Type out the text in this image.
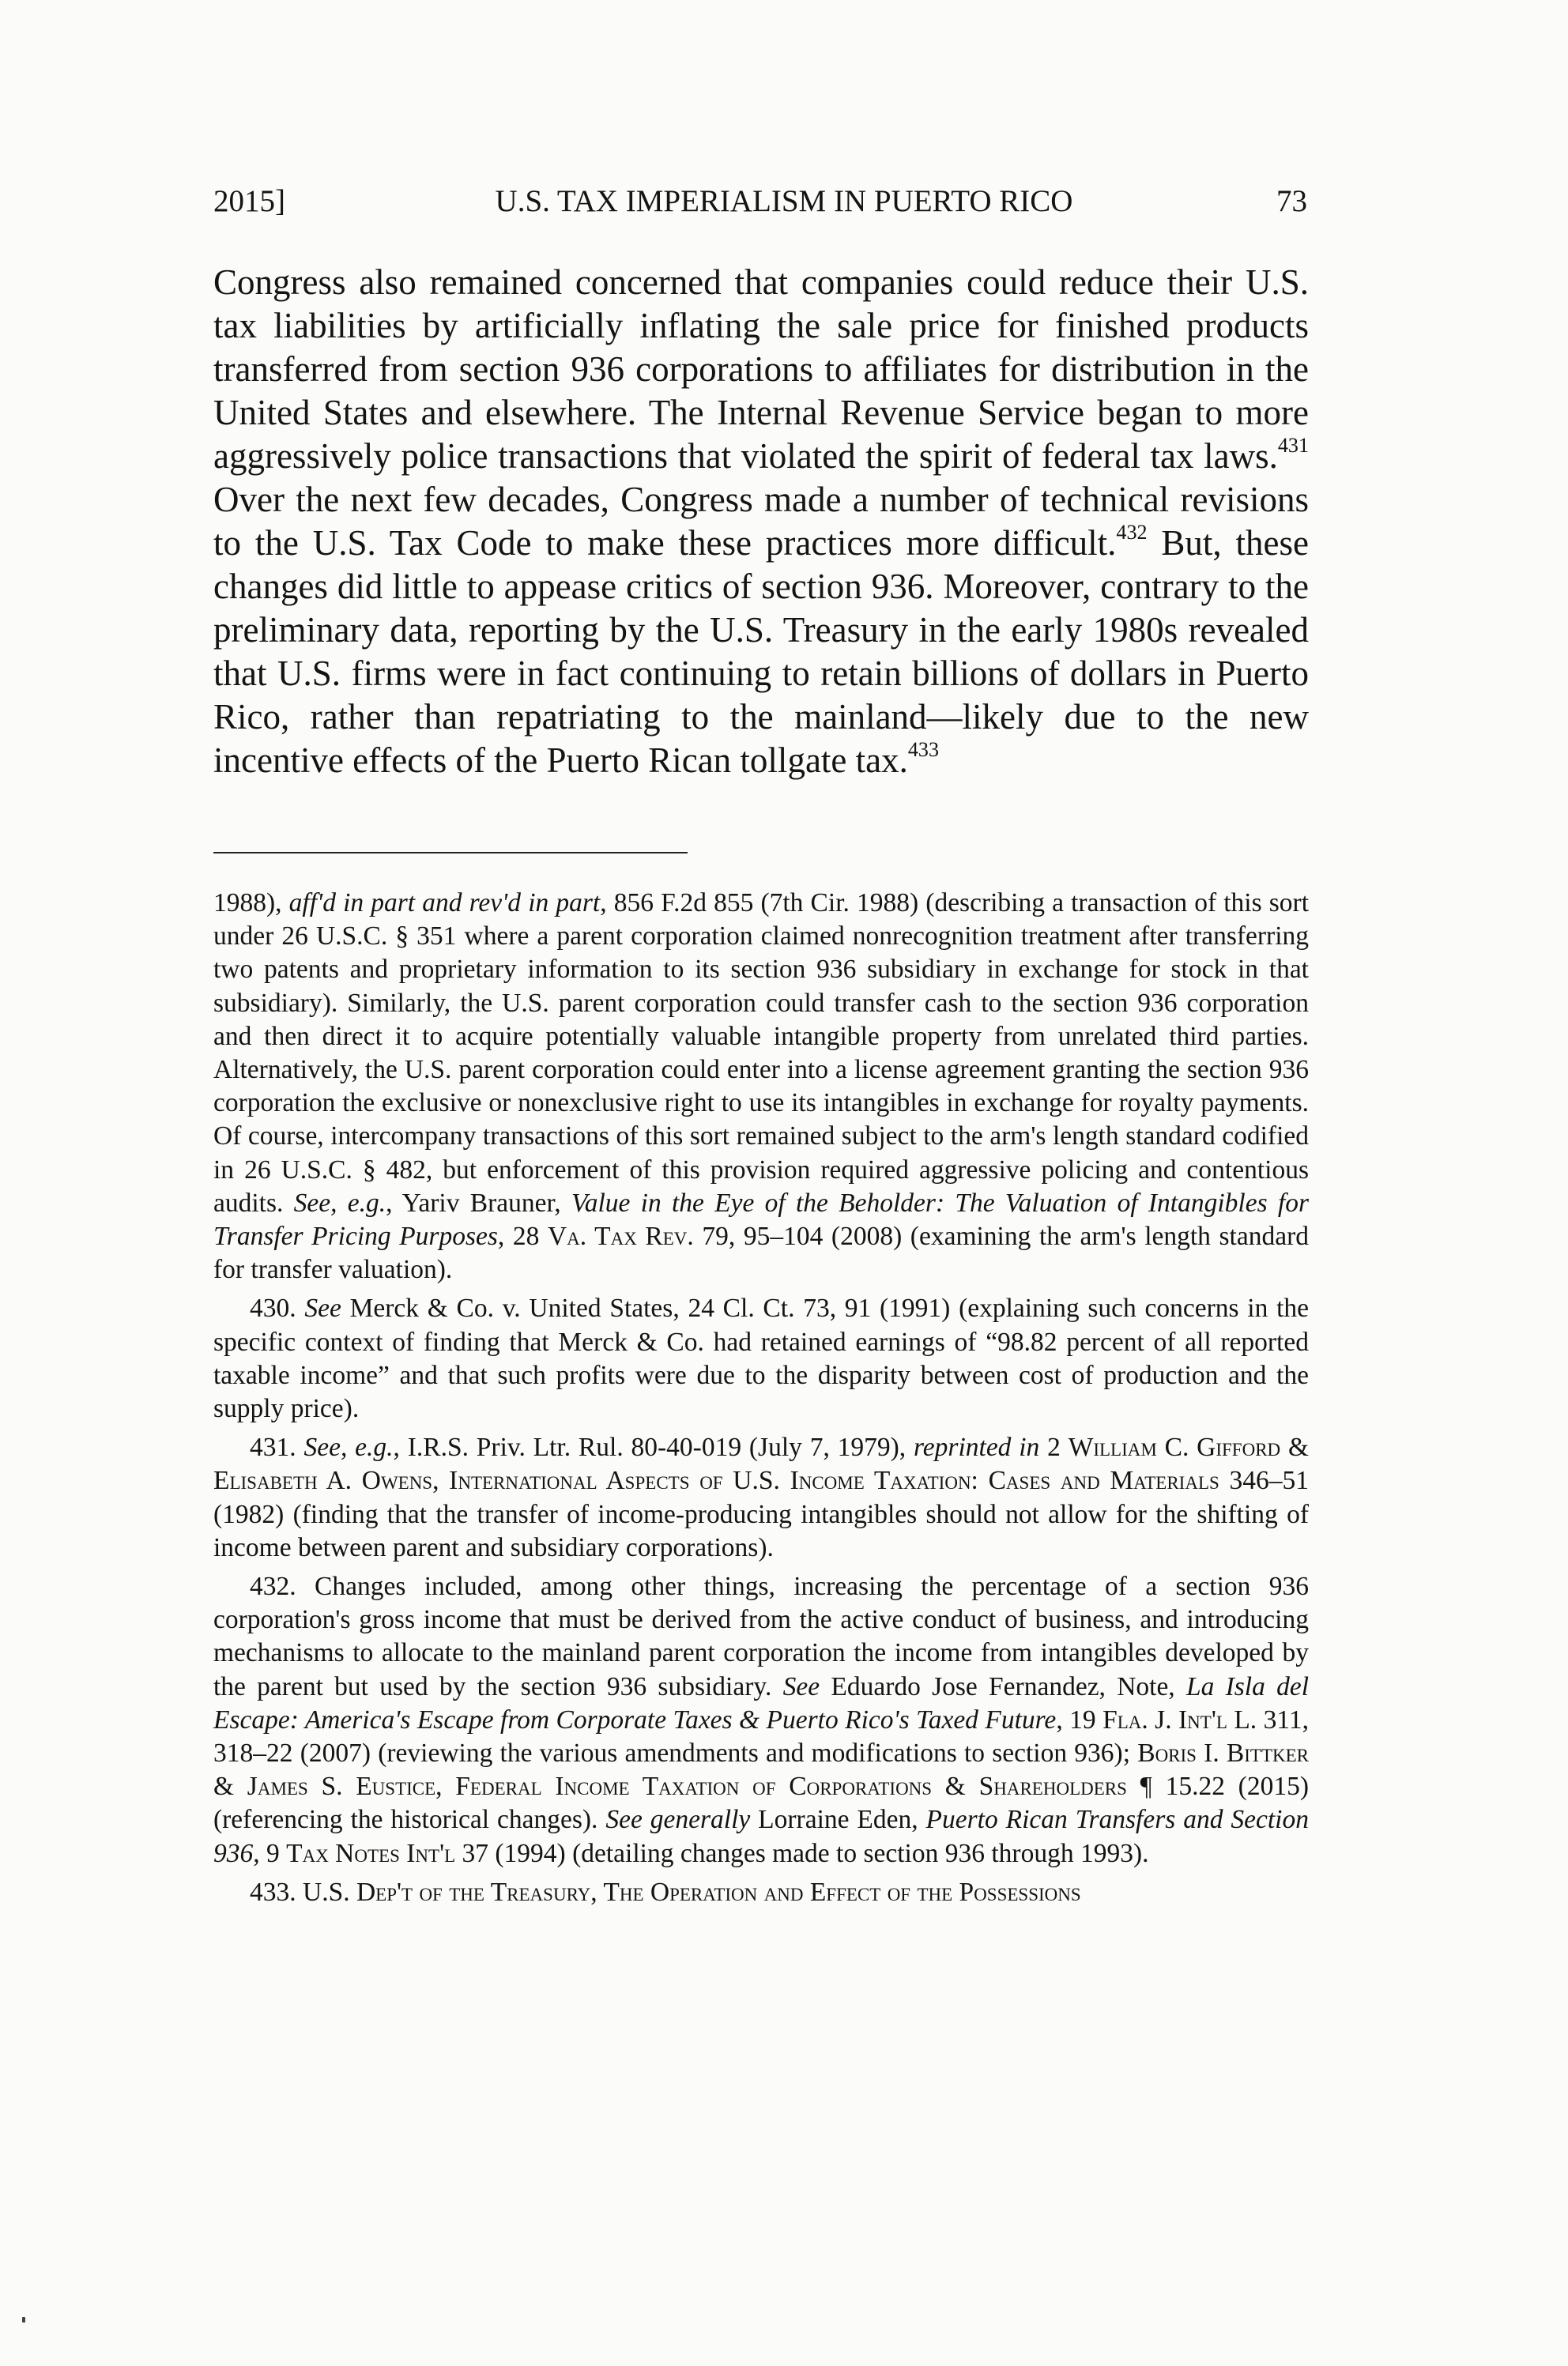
2015]	U.S. TAX IMPERIALISM IN PUERTO RICO	73

Congress also remained concerned that companies could reduce their U.S. tax liabilities by artificially inflating the sale price for finished products transferred from section 936 corporations to affiliates for distribution in the United States and elsewhere. The Internal Revenue Service began to more aggressively police transactions that violated the spirit of federal tax laws.$^{431}$ Over the next few decades, Congress made a number of technical revisions to the U.S. Tax Code to make these practices more difficult.$^{432}$ But, these changes did little to appease critics of section 936. Moreover, contrary to the preliminary data, reporting by the U.S. Treasury in the early 1980s revealed that U.S. firms were in fact continuing to retain billions of dollars in Puerto Rico, rather than repatriating to the mainland—likely due to the new incentive effects of the Puerto Rican tollgate tax.$^{433}$

1988), aff'd in part and rev'd in part, 856 F.2d 855 (7th Cir. 1988) (describing a transaction of this sort under 26 U.S.C. § 351 where a parent corporation claimed nonrecognition treatment after transferring two patents and proprietary information to its section 936 subsidiary in exchange for stock in that subsidiary). Similarly, the U.S. parent corporation could transfer cash to the section 936 corporation and then direct it to acquire potentially valuable intangible property from unrelated third parties. Alternatively, the U.S. parent corporation could enter into a license agreement granting the section 936 corporation the exclusive or nonexclusive right to use its intangibles in exchange for royalty payments. Of course, intercompany transactions of this sort remained subject to the arm's length standard codified in 26 U.S.C. § 482, but enforcement of this provision required aggressive policing and contentious audits. See, e.g., Yariv Brauner, Value in the Eye of the Beholder: The Valuation of Intangibles for Transfer Pricing Purposes, 28 Va. Tax Rev. 79, 95–104 (2008) (examining the arm's length standard for transfer valuation).

430. See Merck & Co. v. United States, 24 Cl. Ct. 73, 91 (1991) (explaining such concerns in the specific context of finding that Merck & Co. had retained earnings of “98.82 percent of all reported taxable income” and that such profits were due to the disparity between cost of production and the supply price).

431. See, e.g., I.R.S. Priv. Ltr. Rul. 80-40-019 (July 7, 1979), reprinted in 2 William C. Gifford & Elisabeth A. Owens, International Aspects of U.S. Income Taxation: Cases and Materials 346–51 (1982) (finding that the transfer of income-producing intangibles should not allow for the shifting of income between parent and subsidiary corporations).

432. Changes included, among other things, increasing the percentage of a section 936 corporation's gross income that must be derived from the active conduct of business, and introducing mechanisms to allocate to the mainland parent corporation the income from intangibles developed by the parent but used by the section 936 subsidiary. See Eduardo Jose Fernandez, Note, La Isla del Escape: America's Escape from Corporate Taxes & Puerto Rico's Taxed Future, 19 Fla. J. Int'l L. 311, 318–22 (2007) (reviewing the various amendments and modifications to section 936); Boris I. Bittker & James S. Eustice, Federal Income Taxation of Corporations & Shareholders ¶ 15.22 (2015) (referencing the historical changes). See generally Lorraine Eden, Puerto Rican Transfers and Section 936, 9 Tax Notes Int'l 37 (1994) (detailing changes made to section 936 through 1993).

433. U.S. Dep't of the Treasury, The Operation and Effect of the Possessions
